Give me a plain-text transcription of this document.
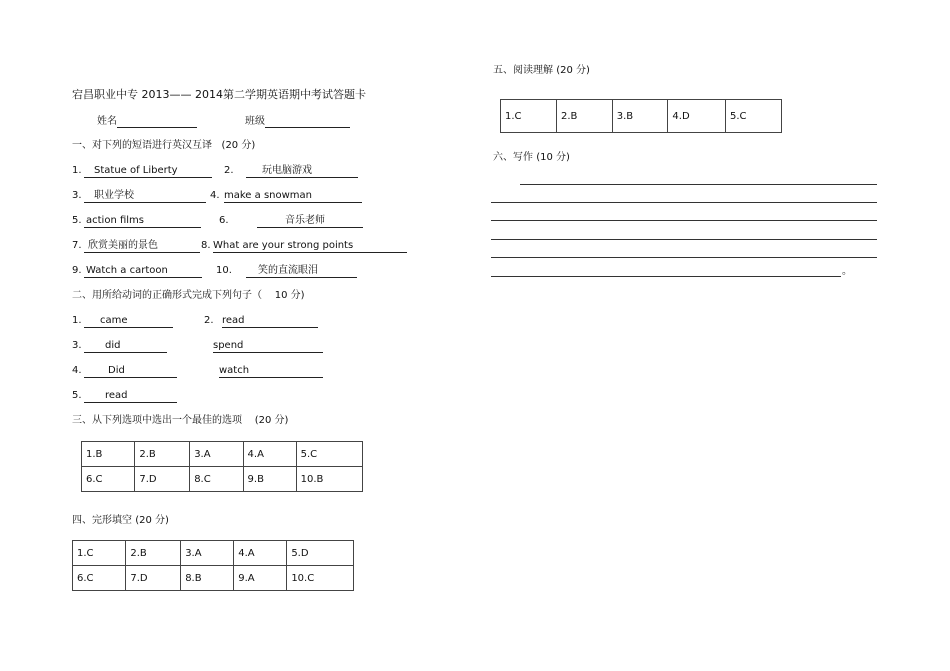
宕昌职业中专 2013—— 2014第二学期英语期中考试答题卡
姓名	班级
一、对下列的短语进行英汉互译 (20 分)
1.	Statue of Liberty	2.	玩电脑游戏
3.	职业学校	4. make a snowman
5. action films	6.	音乐老师
7. 欣赏美丽的景色	8. What are your strong points
9. Watch a cartoon	10.	笑的直流眼泪
二、用所给动词的正确形式完成下列句子（ 10 分)
1.	came	2. read
3.	did	spend
4.	Did	watch
5.	read
三、从下列选项中选出一个最佳的选项 (20 分)
1.B	2.B	3.A	4.A	5.C
6.C	7.D	8.C	9.B	10.B
四、完形填空 (20 分)
1.C	2.B	3.A	4.A	5.D
6.C	7.D	8.B	9.A	10.C
五、阅读理解 (20 分)
1.C	2.B	3.B	4.D	5.C
六、写作 (10 分)
。
